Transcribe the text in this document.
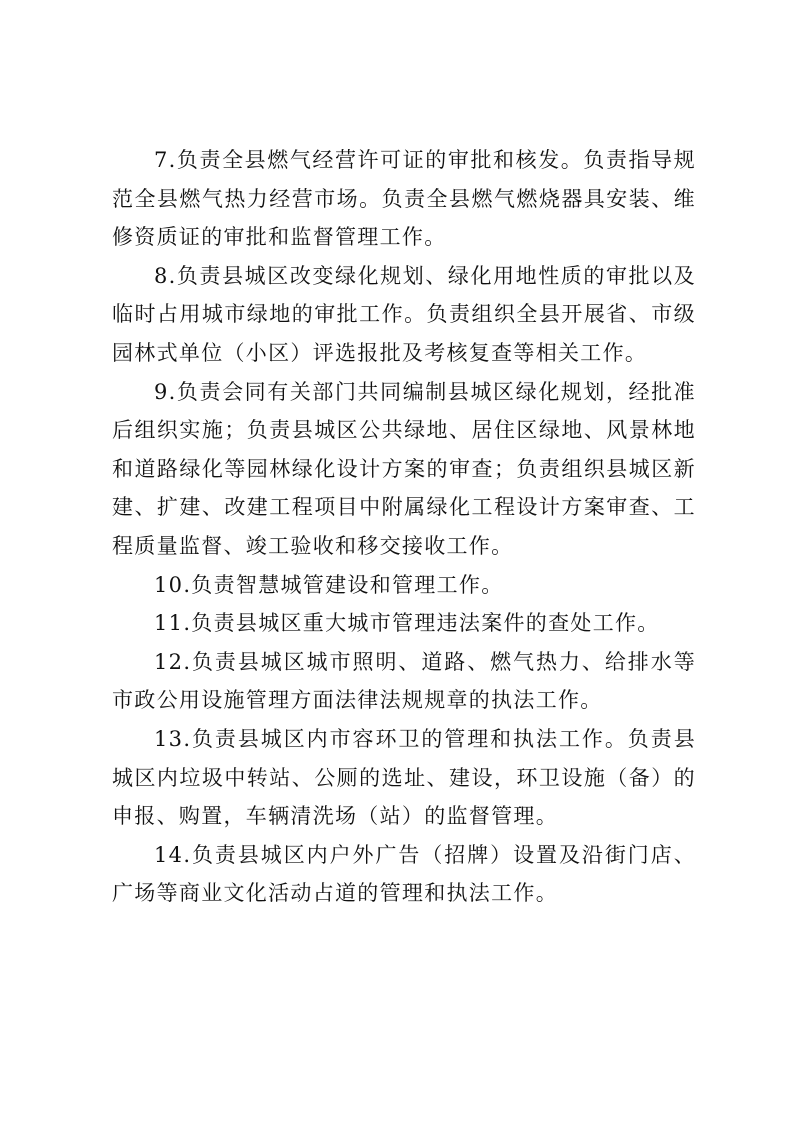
7.负责全县燃气经营许可证的审批和核发。负责指导规范全县燃气热力经营市场。负责全县燃气燃烧器具安装、维修资质证的审批和监督管理工作。

8.负责县城区改变绿化规划、绿化用地性质的审批以及临时占用城市绿地的审批工作。负责组织全县开展省、市级园林式单位（小区）评选报批及考核复查等相关工作。

9.负责会同有关部门共同编制县城区绿化规划，经批准后组织实施；负责县城区公共绿地、居住区绿地、风景林地和道路绿化等园林绿化设计方案的审查；负责组织县城区新建、扩建、改建工程项目中附属绿化工程设计方案审查、工程质量监督、竣工验收和移交接收工作。

10.负责智慧城管建设和管理工作。

11.负责县城区重大城市管理违法案件的查处工作。

12.负责县城区城市照明、道路、燃气热力、给排水等市政公用设施管理方面法律法规规章的执法工作。

13.负责县城区内市容环卫的管理和执法工作。负责县城区内垃圾中转站、公厕的选址、建设，环卫设施（备）的申报、购置，车辆清洗场（站）的监督管理。

14.负责县城区内户外广告（招牌）设置及沿街门店、广场等商业文化活动占道的管理和执法工作。
